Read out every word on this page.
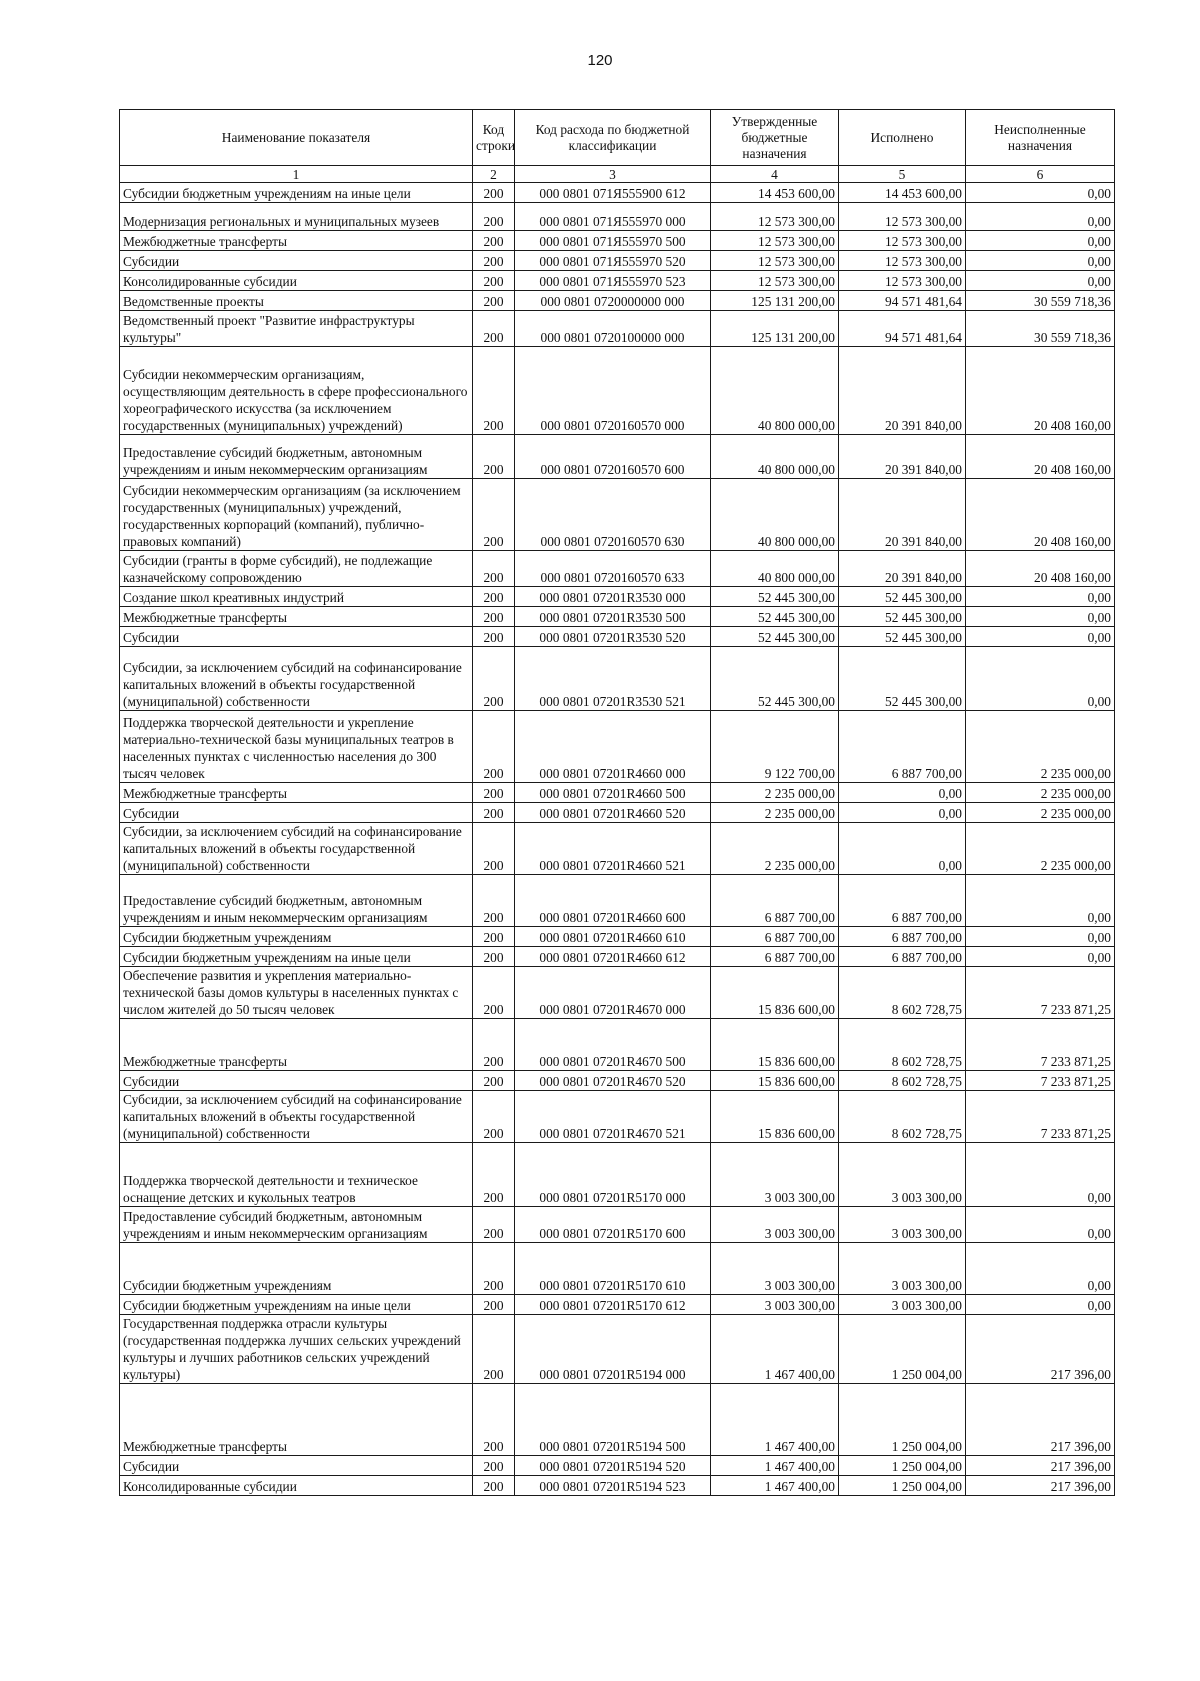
120
Наименование показателя	Код строки	Код расхода по бюджетной классификации	Утвержденные бюджетные назначения	Исполнено	Неисполненные назначения
1	2	3	4	5	6
Субсидии бюджетным учреждениям на иные цели	200	000 0801 071Я555900 612	14 453 600,00	14 453 600,00	0,00
Модернизация региональных и муниципальных музеев	200	000 0801 071Я555970 000	12 573 300,00	12 573 300,00	0,00
Межбюджетные трансферты	200	000 0801 071Я555970 500	12 573 300,00	12 573 300,00	0,00
Субсидии	200	000 0801 071Я555970 520	12 573 300,00	12 573 300,00	0,00
Консолидированные субсидии	200	000 0801 071Я555970 523	12 573 300,00	12 573 300,00	0,00
Ведомственные проекты	200	000 0801 0720000000 000	125 131 200,00	94 571 481,64	30 559 718,36
Ведомственный проект "Развитие инфраструктуры культуры"	200	000 0801 0720100000 000	125 131 200,00	94 571 481,64	30 559 718,36
Субсидии некоммерческим организациям, осуществляющим деятельность в сфере профессионального хореографического искусства (за исключением государственных (муниципальных) учреждений)	200	000 0801 0720160570 000	40 800 000,00	20 391 840,00	20 408 160,00
Предоставление субсидий бюджетным, автономным учреждениям и иным некоммерческим организациям	200	000 0801 0720160570 600	40 800 000,00	20 391 840,00	20 408 160,00
Субсидии некоммерческим организациям (за исключением государственных (муниципальных) учреждений, государственных корпораций (компаний), публично-правовых компаний)	200	000 0801 0720160570 630	40 800 000,00	20 391 840,00	20 408 160,00
Субсидии (гранты в форме субсидий), не подлежащие казначейскому сопровождению	200	000 0801 0720160570 633	40 800 000,00	20 391 840,00	20 408 160,00
Создание школ креативных индустрий	200	000 0801 07201R3530 000	52 445 300,00	52 445 300,00	0,00
Межбюджетные трансферты	200	000 0801 07201R3530 500	52 445 300,00	52 445 300,00	0,00
Субсидии	200	000 0801 07201R3530 520	52 445 300,00	52 445 300,00	0,00
Субсидии, за исключением субсидий на софинансирование капитальных вложений в объекты государственной (муниципальной) собственности	200	000 0801 07201R3530 521	52 445 300,00	52 445 300,00	0,00
Поддержка творческой деятельности и укрепление материально-технической базы муниципальных театров в населенных пунктах с численностью населения до 300 тысяч человек	200	000 0801 07201R4660 000	9 122 700,00	6 887 700,00	2 235 000,00
Межбюджетные трансферты	200	000 0801 07201R4660 500	2 235 000,00	0,00	2 235 000,00
Субсидии	200	000 0801 07201R4660 520	2 235 000,00	0,00	2 235 000,00
Субсидии, за исключением субсидий на софинансирование капитальных вложений в объекты государственной (муниципальной) собственности	200	000 0801 07201R4660 521	2 235 000,00	0,00	2 235 000,00
Предоставление субсидий бюджетным, автономным учреждениям и иным некоммерческим организациям	200	000 0801 07201R4660 600	6 887 700,00	6 887 700,00	0,00
Субсидии бюджетным учреждениям	200	000 0801 07201R4660 610	6 887 700,00	6 887 700,00	0,00
Субсидии бюджетным учреждениям на иные цели	200	000 0801 07201R4660 612	6 887 700,00	6 887 700,00	0,00
Обеспечение развития и укрепления материально-технической базы домов культуры в населенных пунктах с числом жителей до 50 тысяч человек	200	000 0801 07201R4670 000	15 836 600,00	8 602 728,75	7 233 871,25
Межбюджетные трансферты	200	000 0801 07201R4670 500	15 836 600,00	8 602 728,75	7 233 871,25
Субсидии	200	000 0801 07201R4670 520	15 836 600,00	8 602 728,75	7 233 871,25
Субсидии, за исключением субсидий на софинансирование капитальных вложений в объекты государственной (муниципальной) собственности	200	000 0801 07201R4670 521	15 836 600,00	8 602 728,75	7 233 871,25
Поддержка творческой деятельности и техническое оснащение детских и кукольных театров	200	000 0801 07201R5170 000	3 003 300,00	3 003 300,00	0,00
Предоставление субсидий бюджетным, автономным учреждениям и иным некоммерческим организациям	200	000 0801 07201R5170 600	3 003 300,00	3 003 300,00	0,00
Субсидии бюджетным учреждениям	200	000 0801 07201R5170 610	3 003 300,00	3 003 300,00	0,00
Субсидии бюджетным учреждениям на иные цели	200	000 0801 07201R5170 612	3 003 300,00	3 003 300,00	0,00
Государственная поддержка отрасли культуры (государственная поддержка лучших сельских учреждений культуры и лучших работников сельских учреждений культуры)	200	000 0801 07201R5194 000	1 467 400,00	1 250 004,00	217 396,00
Межбюджетные трансферты	200	000 0801 07201R5194 500	1 467 400,00	1 250 004,00	217 396,00
Субсидии	200	000 0801 07201R5194 520	1 467 400,00	1 250 004,00	217 396,00
Консолидированные субсидии	200	000 0801 07201R5194 523	1 467 400,00	1 250 004,00	217 396,00
